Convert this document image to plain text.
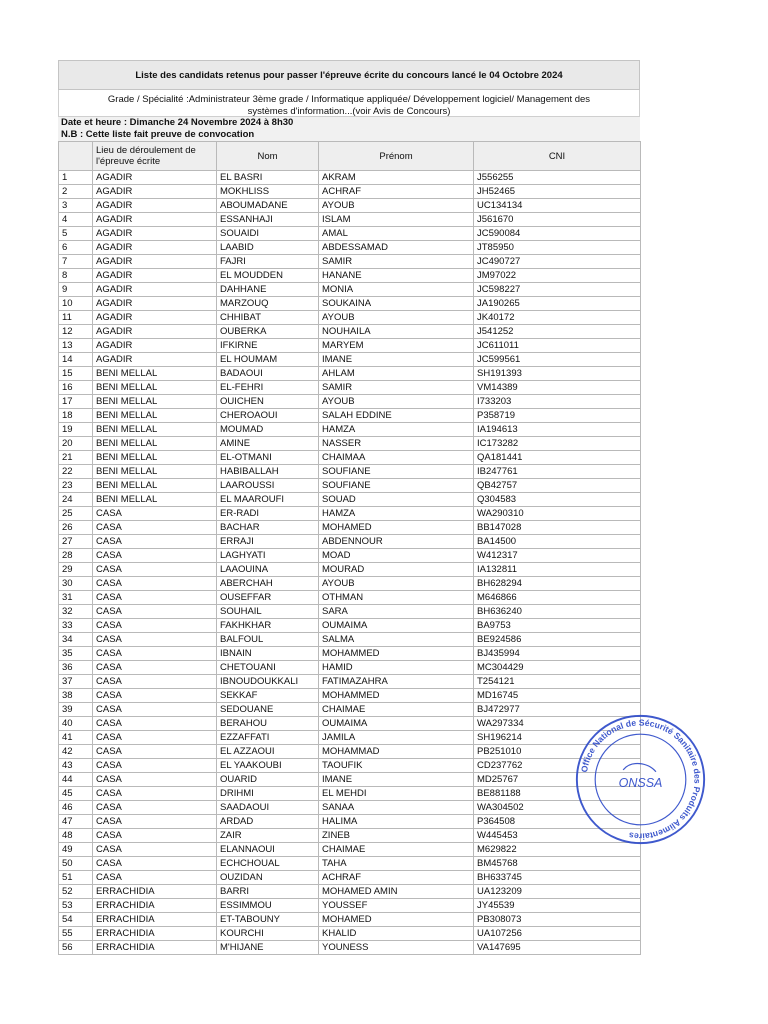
Liste des candidats retenus pour passer l'épreuve écrite du concours lancé le 04 Octobre 2024
Grade / Spécialité :Administrateur 3ème grade / Informatique appliquée/ Développement logiciel/ Management des
systèmes d'information...(voir Avis de Concours)
Date et heure : Dimanche 24 Novembre 2024 à 8h30
N.B : Cette liste fait preuve de convocation

	Lieu de déroulement de
l'épreuve écrite	Nom	Prénom	CNI
1	AGADIR	EL BASRI	AKRAM	J556255
2	AGADIR	MOKHLISS	ACHRAF	JH52465
3	AGADIR	ABOUMADANE	AYOUB	UC134134
4	AGADIR	ESSANHAJI	ISLAM	J561670
5	AGADIR	SOUAIDI	AMAL	JC590084
6	AGADIR	LAABID	ABDESSAMAD	JT85950
7	AGADIR	FAJRI	SAMIR	JC490727
8	AGADIR	EL MOUDDEN	HANANE	JM97022
9	AGADIR	DAHHANE	MONIA	JC598227
10	AGADIR	MARZOUQ	SOUKAINA	JA190265
11	AGADIR	CHHIBAT	AYOUB	JK40172
12	AGADIR	OUBERKA	NOUHAILA	J541252
13	AGADIR	IFKIRNE	MARYEM	JC611011
14	AGADIR	EL HOUMAM	IMANE	JC599561
15	BENI MELLAL	BADAOUI	AHLAM	SH191393
16	BENI MELLAL	EL-FEHRI	SAMIR	VM14389
17	BENI MELLAL	OUICHEN	AYOUB	I733203
18	BENI MELLAL	CHEROAOUI	SALAH EDDINE	P358719
19	BENI MELLAL	MOUMAD	HAMZA	IA194613
20	BENI MELLAL	AMINE	NASSER	IC173282
21	BENI MELLAL	EL-OTMANI	CHAIMAA	QA181441
22	BENI MELLAL	HABIBALLAH	SOUFIANE	IB247761
23	BENI MELLAL	LAAROUSSI	SOUFIANE	QB42757
24	BENI MELLAL	EL MAAROUFI	SOUAD	Q304583
25	CASA	ER-RADI	HAMZA	WA290310
26	CASA	BACHAR	MOHAMED	BB147028
27	CASA	ERRAJI	ABDENNOUR	BA14500
28	CASA	LAGHYATI	MOAD	W412317
29	CASA	LAAOUINA	MOURAD	IA132811
30	CASA	ABERCHAH	AYOUB	BH628294
31	CASA	OUSEFFAR	OTHMAN	M646866
32	CASA	SOUHAIL	SARA	BH636240
33	CASA	FAKHKHAR	OUMAIMA	BA9753
34	CASA	BALFOUL	SALMA	BE924586
35	CASA	IBNAIN	MOHAMMED	BJ435994
36	CASA	CHETOUANI	HAMID	MC304429
37	CASA	IBNOUDOUKKALI	FATIMAZAHRA	T254121
38	CASA	SEKKAF	MOHAMMED	MD16745
39	CASA	SEDOUANE	CHAIMAE	BJ472977
40	CASA	BERAHOU	OUMAIMA	WA297334
41	CASA	EZZAFFATI	JAMILA	SH196214
42	CASA	EL AZZAOUI	MOHAMMAD	PB251010
43	CASA	EL YAAKOUBI	TAOUFIK	CD237762
44	CASA	OUARID	IMANE	MD25767
45	CASA	DRIHMI	EL MEHDI	BE881188
46	CASA	SAADAOUI	SANAA	WA304502
47	CASA	ARDAD	HALIMA	P364508
48	CASA	ZAIR	ZINEB	W445453
49	CASA	ELANNAOUI	CHAIMAE	M629822
50	CASA	ECHCHOUAL	TAHA	BM45768
51	CASA	OUZIDAN	ACHRAF	BH633745
52	ERRACHIDIA	BARRI	MOHAMED AMIN	UA123209
53	ERRACHIDIA	ESSIMMOU	YOUSSEF	JY45539
54	ERRACHIDIA	ET-TABOUNY	MOHAMED	PB308073
55	ERRACHIDIA	KOURCHI	KHALID	UA107256
56	ERRACHIDIA	M'HIJANE	YOUNESS	VA147695
Office National de Sécurité Sanitaire des Produits Alimentaires
ONSSA
